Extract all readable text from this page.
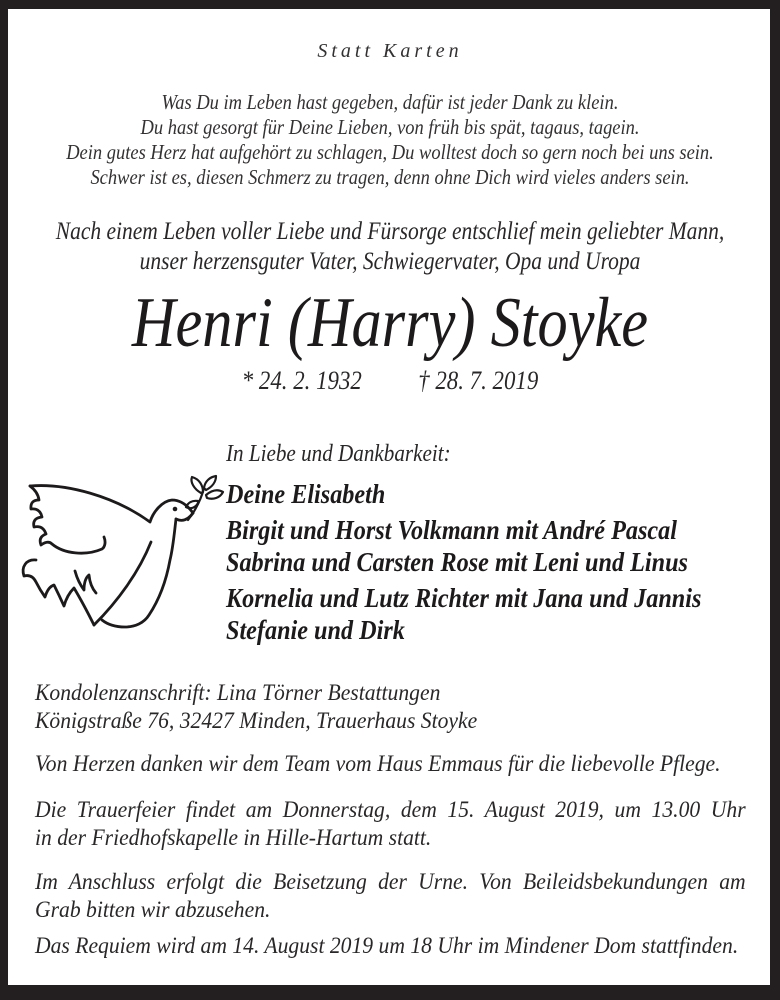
Statt Karten
Was Du im Leben hast gegeben, dafür ist jeder Dank zu klein.
Du hast gesorgt für Deine Lieben, von früh bis spät, tagaus, tagein.
Dein gutes Herz hat aufgehört zu schlagen, Du wolltest doch so gern noch bei uns sein.
Schwer ist es, diesen Schmerz zu tragen, denn ohne Dich wird vieles anders sein.
Nach einem Leben voller Liebe und Fürsorge entschlief mein geliebter Mann,
unser herzensguter Vater, Schwiegervater, Opa und Uropa
Henri (Harry) Stoyke
* 24. 2. 1932 † 28. 7. 2019
In Liebe und Dankbarkeit:
Deine Elisabeth
Birgit und Horst Volkmann mit André Pascal
Sabrina und Carsten Rose mit Leni und Linus
Kornelia und Lutz Richter mit Jana und Jannis
Stefanie und Dirk

Kondolenzanschrift: Lina Törner Bestattungen
Königstraße 76, 32427 Minden, Trauerhaus Stoyke

Von Herzen danken wir dem Team vom Haus Emmaus für die liebevolle Pflege.

Die Trauerfeier findet am Donnerstag, dem 15. August 2019, um 13.00 Uhr
in der Friedhofskapelle in Hille-Hartum statt.

Im Anschluss erfolgt die Beisetzung der Urne. Von Beileidsbekundungen am
Grab bitten wir abzusehen.

Das Requiem wird am 14. August 2019 um 18 Uhr im Mindener Dom stattfinden.
